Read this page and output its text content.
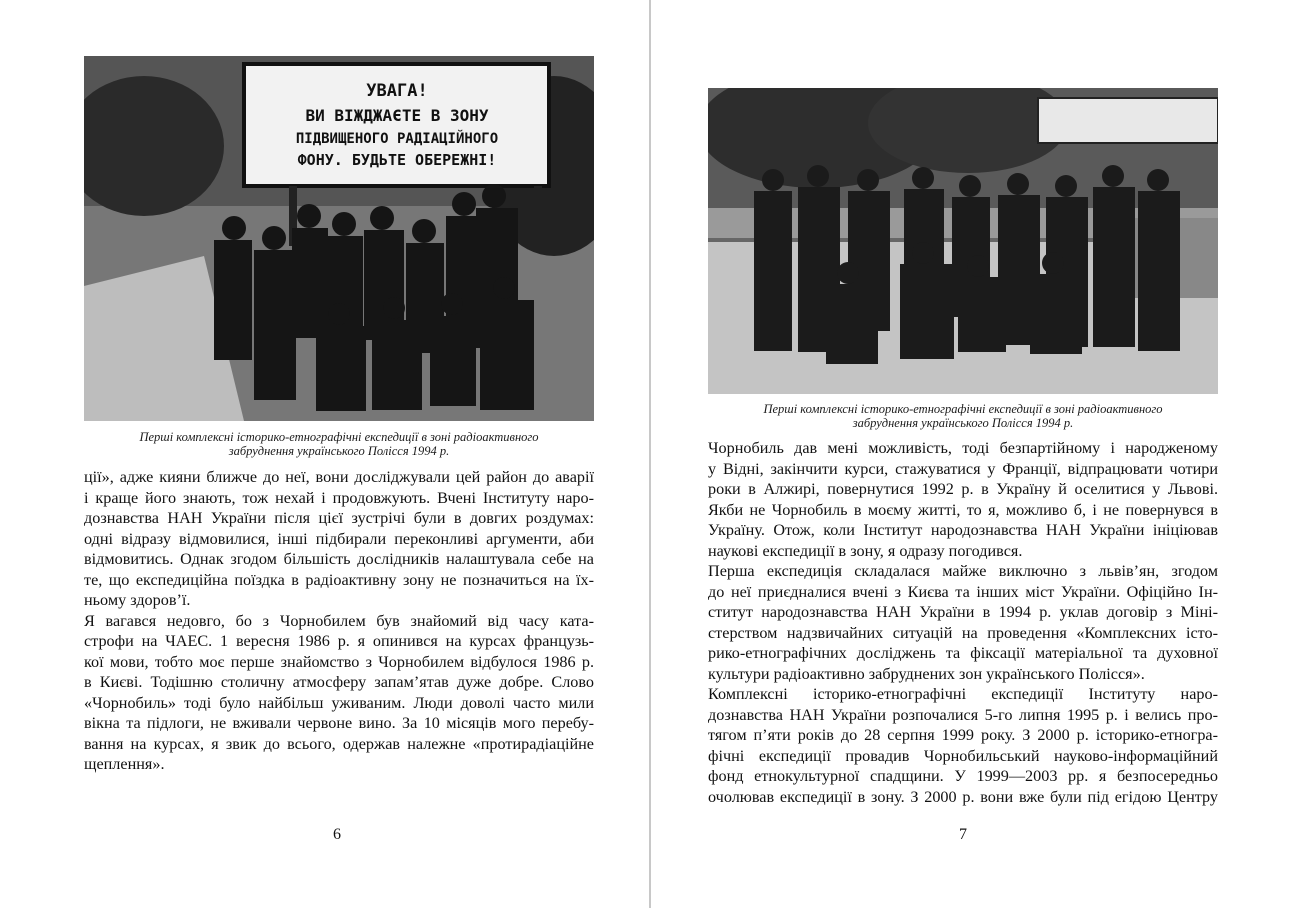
УВАГА!
ВИ ВІЖДЖАЄТЕ В ЗОНУ
ПІДВИЩЕНОГО РАДІАЦІЙНОГО
ФОНУ. БУДЬТЕ ОБЕРЕЖНІ!
Перші комплексні історико-етнографічні експедиції в зоні радіоактивного
забруднення українського Полісся 1994 р.
ції», адже кияни ближче до неї, вони досліджували цей район до аварії
і краще його знають, тож нехай і продовжують. Вчені Інституту наро-
дознавства НАН України після цієї зустрічі були в довгих роздумах:
одні відразу відмовилися, інші підбирали переконливі аргументи, аби
відмовитись. Однак згодом більшість дослідників налаштувала себе на
те, що експедиційна поїздка в радіоактивну зону не позначиться на їх-
ньому здоров’ї.
Я вагався недовго, бо з Чорнобилем був знайомий від часу ката-
строфи на ЧАЕС. 1 вересня 1986 р. я опинився на курсах французь-
кої мови, тобто моє перше знайомство з Чорнобилем відбулося 1986 р.
в Києві. Тодішню столичну атмосферу запам’ятав дуже добре. Слово
«Чорнобиль» тоді було найбільш уживаним. Люди доволі часто мили
вікна та підлоги, не вживали червоне вино. За 10 місяців мого перебу-
вання на курсах, я звик до всього, одержав належне «протирадіаційне
щеплення».
6
Перші комплексні історико-етнографічні експедиції в зоні радіоактивного
забруднення українського Полісся 1994 р.
Чорнобиль дав мені можливість, тоді безпартійному і народженому
у Відні, закінчити курси, стажуватися у Франції, відпрацювати чотири
роки в Алжирі, повернутися 1992 р. в Україну й оселитися у Львові.
Якби не Чорнобиль в моєму житті, то я, можливо б, і не повернувся в
Україну. Отож, коли Інститут народознавства НАН України ініціював
наукові експедиції в зону, я одразу погодився.
Перша експедиція складалася майже виключно з львів’ян, згодом
до неї приєдналися вчені з Києва та інших міст України. Офіційно Ін-
ститут народознавства НАН України в 1994 р. уклав договір з Міні-
стерством надзвичайних ситуацій на проведення «Комплексних істо-
рико-етнографічних досліджень та фіксації матеріальної та духовної
культури радіоактивно забруднених зон українського Полісся».
Комплексні історико-етнографічні експедиції Інституту наро-
дознавства НАН України розпочалися 5-го липня 1995 р. і велись про-
тягом п’яти років до 28 серпня 1999 року. З 2000 р. історико-етногра-
фічні експедиції провадив Чорнобильський науково-інформаційний
фонд етнокультурної спадщини. У 1999—2003 рр. я безпосередньо
очолював експедиції в зону. З 2000 р. вони вже були під егідою Центру
7
